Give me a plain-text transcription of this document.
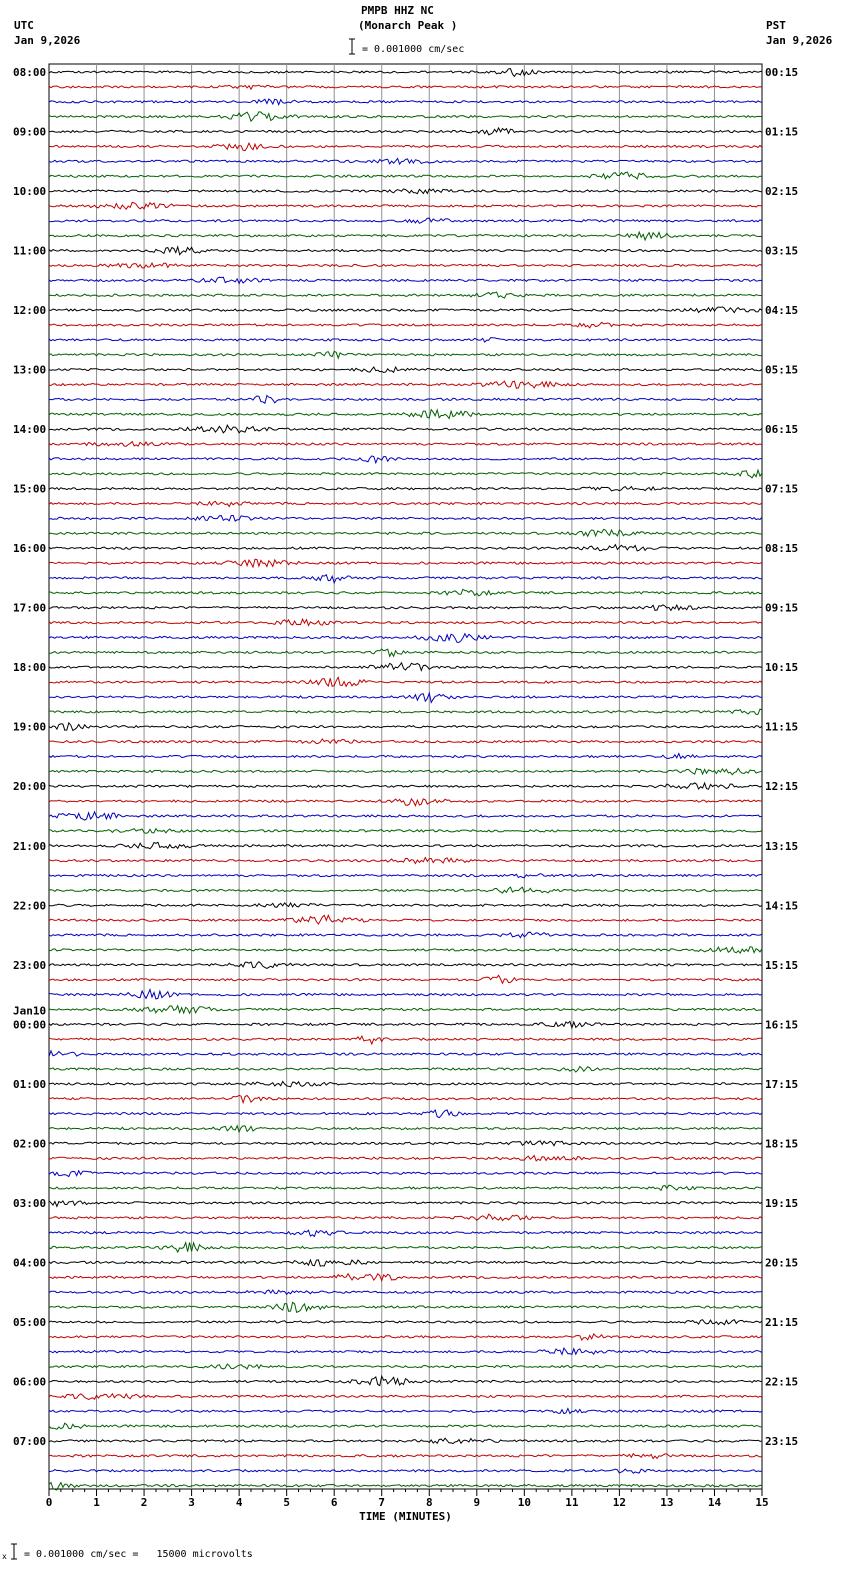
PMPB HHZ NC
(Monarch Peak )
UTC
Jan 9,2026
PST
Jan 9,2026
= 0.001000 cm/sec
08:00
09:00
10:00
11:00
12:00
13:00
14:00
15:00
16:00
17:00
18:00
19:00
20:00
21:00
22:00
23:00
00:00
01:00
02:00
03:00
04:00
05:00
06:00
07:00
Jan10
00:15
01:15
02:15
03:15
04:15
05:15
06:15
07:15
08:15
09:15
10:15
11:15
12:15
13:15
14:15
15:15
16:15
17:15
18:15
19:15
20:15
21:15
22:15
23:15
0	1	2	3	4	5	6	7	8	9	10	11	12	13	14	15
TIME (MINUTES)
x = 0.001000 cm/sec =   15000 microvolts
